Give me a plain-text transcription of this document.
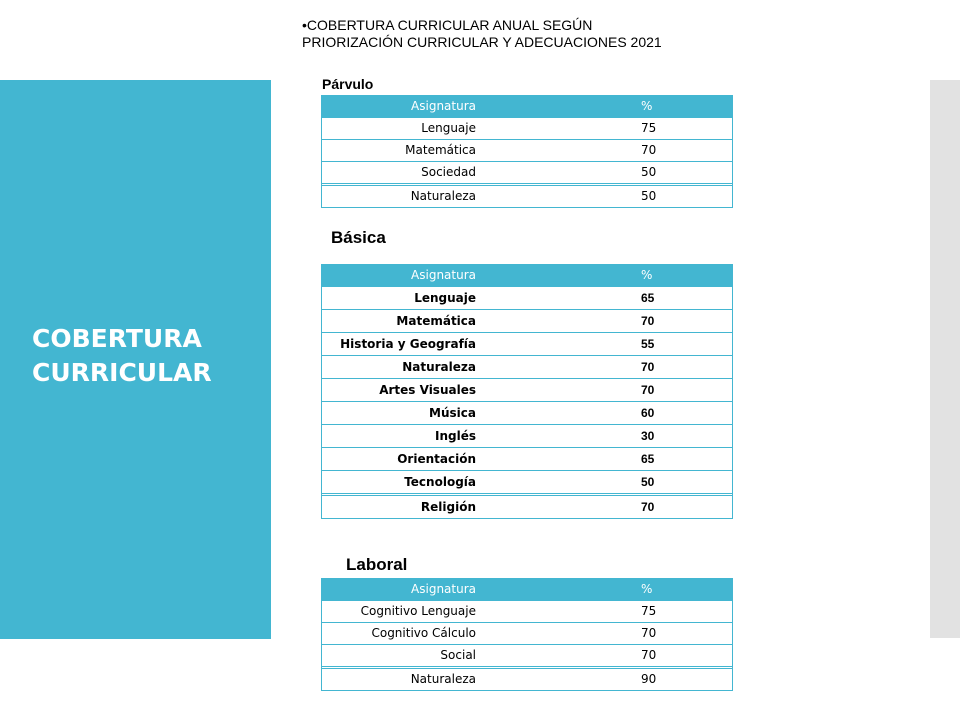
COBERTURA
CURRICULAR
•COBERTURA CURRICULAR ANUAL SEGÚN
PRIORIZACIÓN CURRICULAR Y ADECUACIONES 2021
Párvulo
Asignatura	%
Lenguaje	75
Matemática	70
Sociedad	50
Naturaleza	50
Básica
Asignatura	%
Lenguaje	65
Matemática	70
Historia y Geografía	55
Naturaleza	70
Artes Visuales	70
Música	60
Inglés	30
Orientación	65
Tecnología	50
Religión	70
Laboral
Asignatura	%
Cognitivo Lenguaje	75
Cognitivo Cálculo	70
Social	70
Naturaleza	90
